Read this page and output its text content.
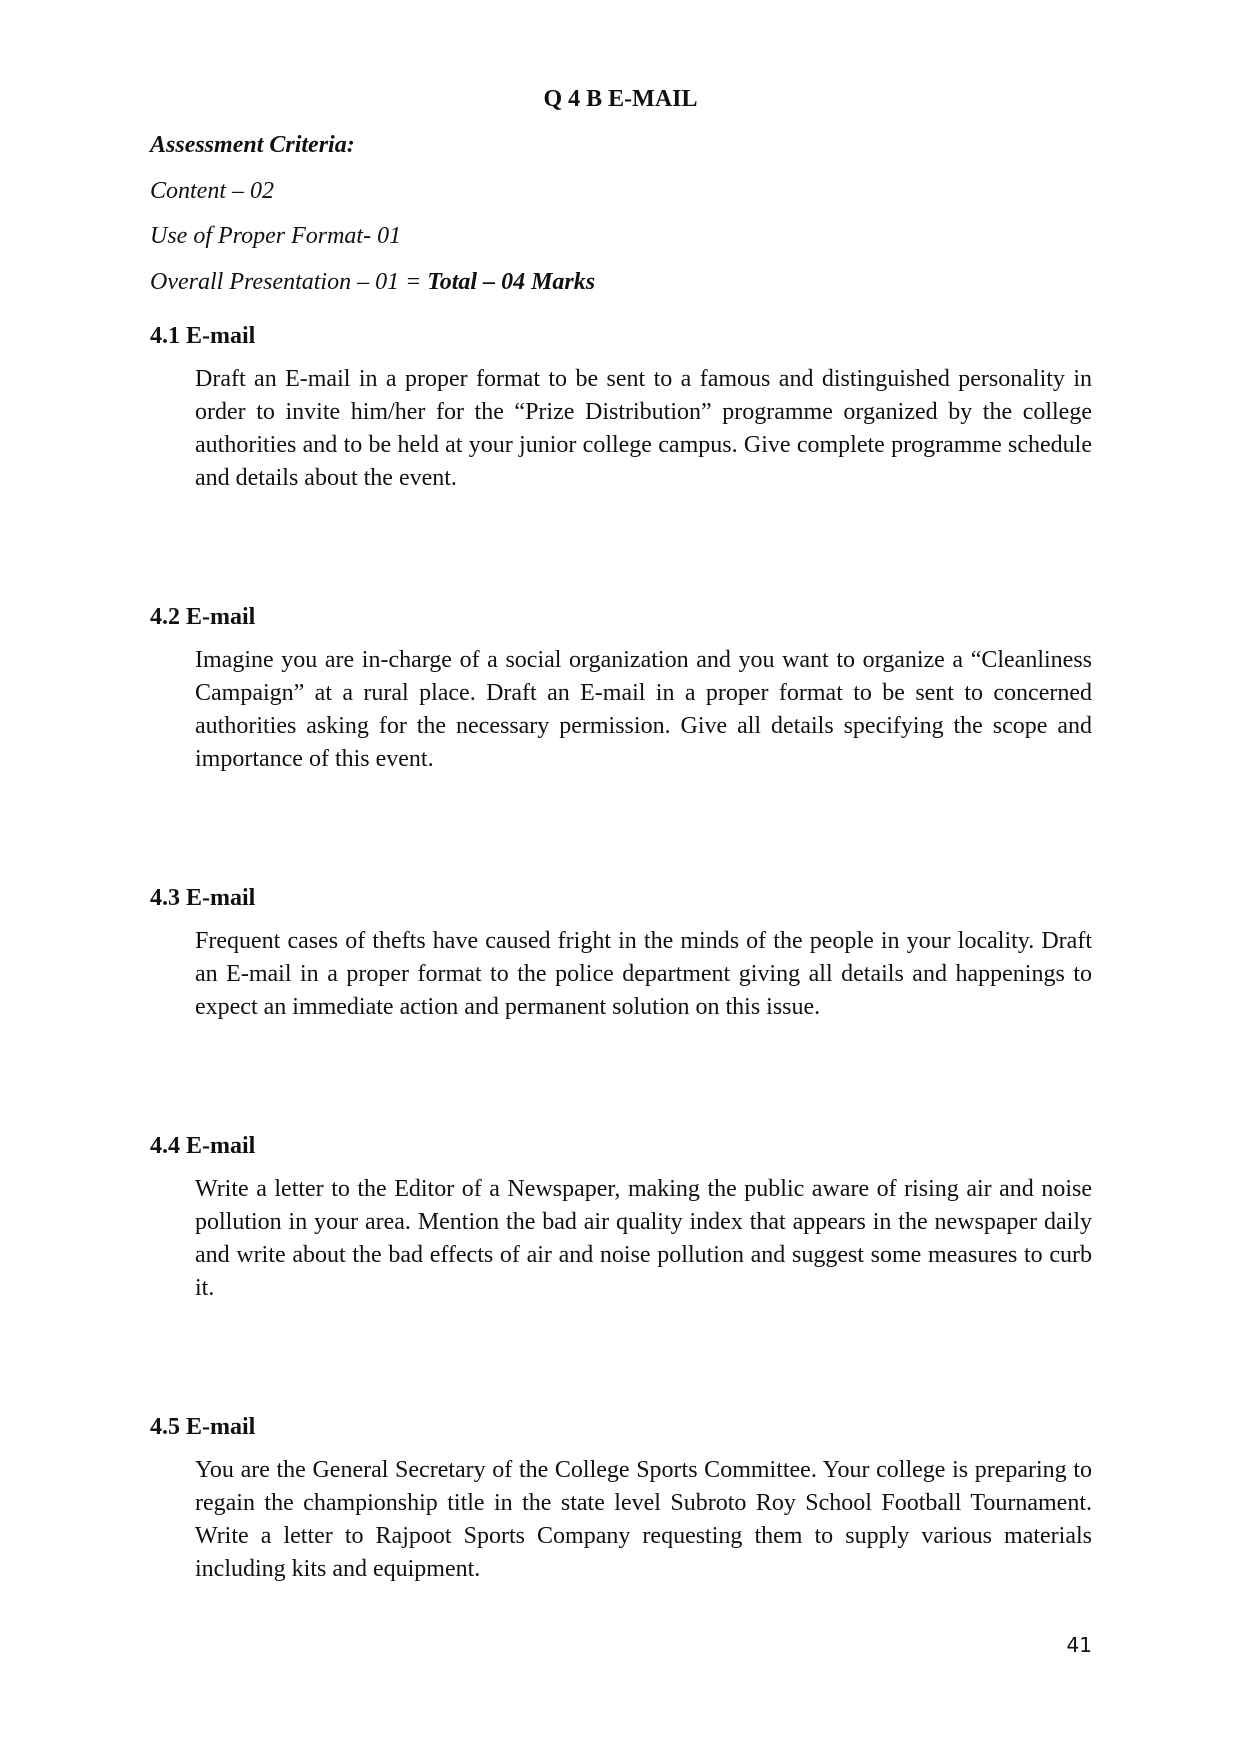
Q 4 B E-MAIL
Assessment Criteria:
Content – 02
Use of Proper Format- 01
Overall Presentation – 01 = Total – 04 Marks
4.1 E-mail
Draft an E-mail in a proper format to be sent to a famous and distinguished personality in order to invite him/her for the “Prize Distribution” programme organized by the college authorities and to be held at your junior college campus. Give complete programme schedule and details about the event.
4.2 E-mail
Imagine you are in-charge of a social organization and you want to organize a “Cleanliness Campaign” at a rural place. Draft an E-mail in a proper format to be sent to concerned authorities asking for the necessary permission. Give all details specifying the scope and importance of this event.
4.3 E-mail
Frequent cases of thefts have caused fright in the minds of the people in your locality. Draft an E-mail in a proper format to the police department giving all details and happenings to expect an immediate action and permanent solution on this issue.
4.4 E-mail
Write a letter to the Editor of a Newspaper, making the public aware of rising air and noise pollution in your area. Mention the bad air quality index that appears in the newspaper daily and write about the bad effects of air and noise pollution and suggest some measures to curb it.
4.5 E-mail
You are the General Secretary of the College Sports Committee. Your college is preparing to regain the championship title in the state level Subroto Roy School Football Tournament. Write a letter to Rajpoot Sports Company requesting them to supply various materials including kits and equipment.
41
